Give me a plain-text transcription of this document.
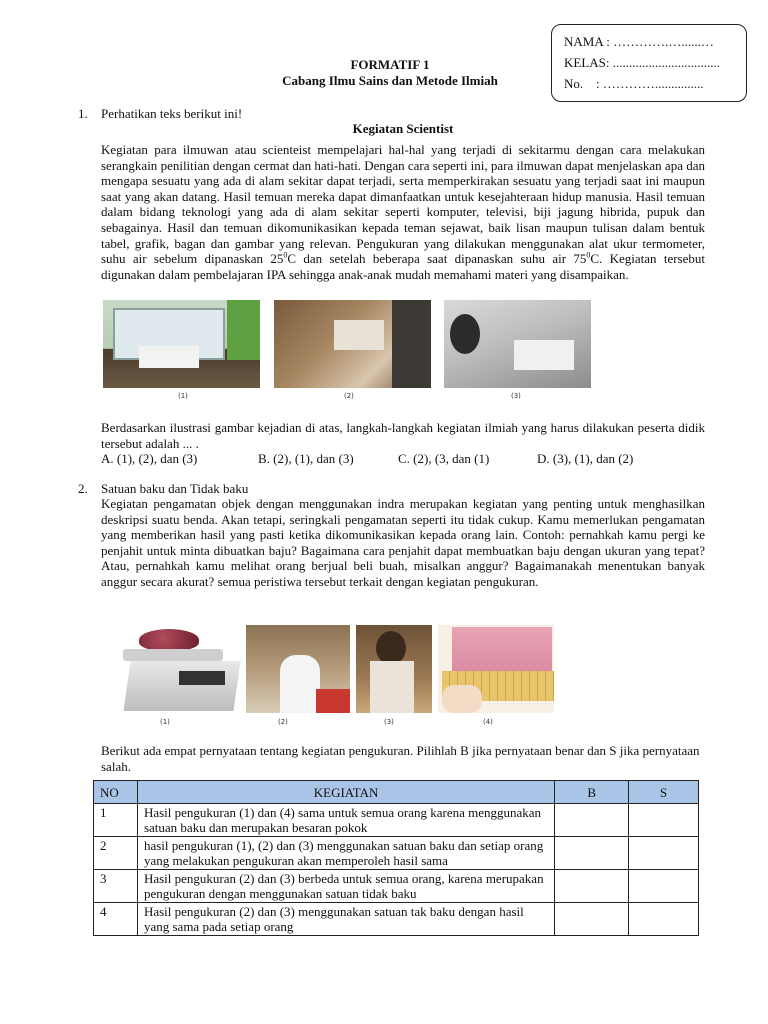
NAMA : ………….…......…
KELAS: .................................
No. : …………...............
FORMATIF 1
Cabang Ilmu Sains dan Metode Ilmiah
1. Perhatikan teks berikut ini!
Kegiatan Scientist
Kegiatan para ilmuwan atau scienteist mempelajari hal-hal yang terjadi di sekitarmu dengan cara melakukan serangkain penilitian dengan cermat dan hati-hati. Dengan cara seperti ini, para ilmuwan dapat menjelaskan apa dan mengapa sesuatu yang ada di alam sekitar dapat terjadi, serta memperkirakan sesuatu yang terjadi saat ini maupun saat yang akan datang. Hasil temuan mereka dapat dimanfaatkan untuk kesejahteraan hidup manusia. Hasil temuan dalam bidang teknologi yang ada di alam sekitar seperti komputer, televisi, biji jagung hibrida, pupuk dan sebagainya. Hasil dan temuan dikomunikasikan kepada teman sejawat, baik lisan maupun tulisan dalam bentuk tabel, grafik, bagan dan gambar yang relevan. Pengukuran yang dilakukan menggunakan alat ukur termometer, suhu air sebelum dipanaskan $25^0C$ dan setelah beberapa saat dipanaskan suhu air $75^0C$. Kegiatan tersebut digunakan dalam pembelajaran IPA sehingga anak-anak mudah memahami materi yang disampaikan.
(1)	(2)	(3)
Berdasarkan ilustrasi gambar kejadian di atas, langkah-langkah kegiatan ilmiah yang harus dilakukan peserta didik tersebut adalah ... .
A. (1), (2), dan (3)	B. (2), (1), dan (3)	C. (2), (3, dan (1)	D. (3), (1), dan (2)
2. Satuan baku dan Tidak baku
Kegiatan pengamatan objek dengan menggunakan indra merupakan kegiatan yang penting untuk menghasilkan deskripsi suatu benda. Akan tetapi, seringkali pengamatan seperti itu tidak cukup. Kamu memerlukan pengamatan yang memberikan hasil yang pasti ketika dikomunikasikan kepada orang lain. Contoh: pernahkah kamu pergi ke penjahit untuk minta dibuatkan baju? Bagaimana cara penjahit dapat membuatkan baju dengan ukuran yang tepat? Atau, pernahkah kamu melihat orang berjual beli buah, misalkan anggur? Bagaimanakah menentukan banyak anggur secara akurat? semua peristiwa tersebut terkait dengan kegiatan pengukuran.
(1)	(2)	(3)	(4)
Berikut ada empat pernyataan tentang kegiatan pengukuran. Pilihlah B jika pernyataan benar dan S jika pernyataan salah.
NO	KEGIATAN	B	S
1	Hasil pengukuran (1) dan (4) sama untuk semua orang karena menggunakan satuan baku dan merupakan besaran pokok		
2	hasil pengukuran (1), (2) dan (3) menggunakan satuan baku dan setiap orang yang melakukan pengukuran akan memperoleh hasil sama		
3	Hasil pengukuran (2) dan (3) berbeda untuk semua orang, karena merupakan pengukuran dengan menggunakan satuan tidak baku		
4	Hasil pengukuran (2) dan (3) menggunakan satuan tak baku dengan hasil yang sama pada setiap orang		
